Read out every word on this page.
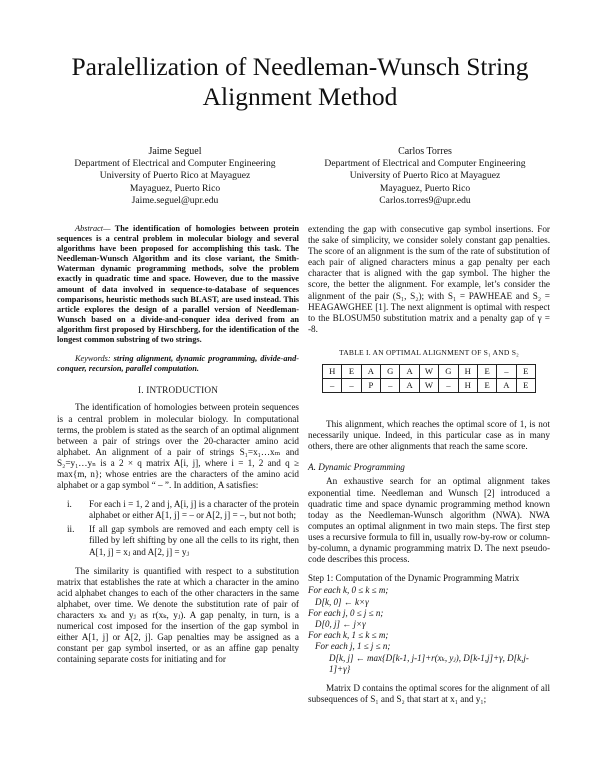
Paralellization of Needleman-Wunsch String
Alignment Method
Jaime Seguel
Department of Electrical and Computer Engineering
University of Puerto Rico at Mayaguez
Mayaguez, Puerto Rico
Jaime.seguel@upr.edu
Carlos Torres
Department of Electrical and Computer Engineering
University of Puerto Rico at Mayaguez
Mayaguez, Puerto Rico
Carlos.torres9@upr.edu

Abstract— The identification of homologies between protein sequences is a central problem in molecular biology and several algorithms have been proposed for accomplishing this task. The Needleman-Wunsch Algorithm and its close variant, the Smith-Waterman dynamic programming methods, solve the problem exactly in quadratic time and space. However, due to the massive amount of data involved in sequence-to-database of sequences comparisons, heuristic methods such BLAST, are used instead. This article explores the design of a parallel version of Needleman-Wunsch based on a divide-and-conquer idea derived from an algorithm first proposed by Hirschberg, for the identification of the longest common substring of two strings.

Keywords: string alignment, dynamic programming, divide-and-conquer, recursion, parallel computation.

I. INTRODUCTION

The identification of homologies between protein sequences is a central problem in molecular biology. In computational terms, the problem is stated as the search of an optimal alignment between a pair of strings over the 20-character amino acid alphabet. An alignment of a pair of strings S₁=x₁…xₘ and S₂=y₁…yₙ is a 2 × q matrix A[i, j], where i = 1, 2 and q ≥ max{m, n}; whose entries are the characters of the amino acid alphabet or a gap symbol “ – ”. In addition, A satisfies:

i. For each i = 1, 2 and j, A[i, j] is a character of the protein alphabet or either A[1, j] = – or A[2, j] = –, but not both;
ii. If all gap symbols are removed and each empty cell is filled by left shifting by one all the cells to its right, then A[1, j] = xⱼ and A[2, j] = yⱼ

The similarity is quantified with respect to a substitution matrix that establishes the rate at which a character in the amino acid alphabet changes to each of the other characters in the same alphabet, over time. We denote the substitution rate of pair of characters xₖ and yⱼ as r(xₖ, yⱼ). A gap penalty, in turn, is a numerical cost imposed for the insertion of the gap symbol in either A[1, j] or A[2, j]. Gap penalties may be assigned as a constant per gap symbol inserted, or as an affine gap penalty containing separate costs for initiating and for

extending the gap with consecutive gap symbol insertions. For the sake of simplicity, we consider solely constant gap penalties. The score of an alignment is the sum of the rate of substitution of each pair of aligned characters minus a gap penalty per each character that is aligned with the gap symbol. The higher the score, the better the alignment. For example, let’s consider the alignment of the pair (S₁, S₂); with S₁ = PAWHEAE and S₂ = HEAGAWGHEE [1]. The next alignment is optimal with respect to the BLOSUM50 substitution matrix and a penalty gap of γ = -8.

TABLE I. AN OPTIMAL ALIGNMENT OF S₁ AND S₂
H	E	A	G	A	W	G	H	E	–	E
–	–	P	–	A	W	–	H	E	A	E

This alignment, which reaches the optimal score of 1, is not necessarily unique. Indeed, in this particular case as in many others, there are other alignments that reach the same score.

A. Dynamic Programming

An exhaustive search for an optimal alignment takes exponential time. Needleman and Wunsch [2] introduced a quadratic time and space dynamic programming method known today as the Needleman-Wunsch algorithm (NWA). NWA computes an optimal alignment in two main steps. The first step uses a recursive formula to fill in, usually row-by-row or column-by-column, a dynamic programming matrix D. The next pseudo-code describes this process.

Step 1: Computation of the Dynamic Programming Matrix
For each k, 0 ≤ k ≤ m;
D[k, 0] ← k×γ
For each j, 0 ≤ j ≤ n;
D[0, j] ← j×γ
For each k, 1 ≤ k ≤ m;
For each j, 1 ≤ j ≤ n;
D[k, j] ← max{D[k-1, j-1]+r(xₖ, yⱼ), D[k-1,j]+γ, D[k,j-1]+γ}

Matrix D contains the optimal scores for the alignment of all subsequences of S₁ and S₂ that start at x₁ and y₁;
